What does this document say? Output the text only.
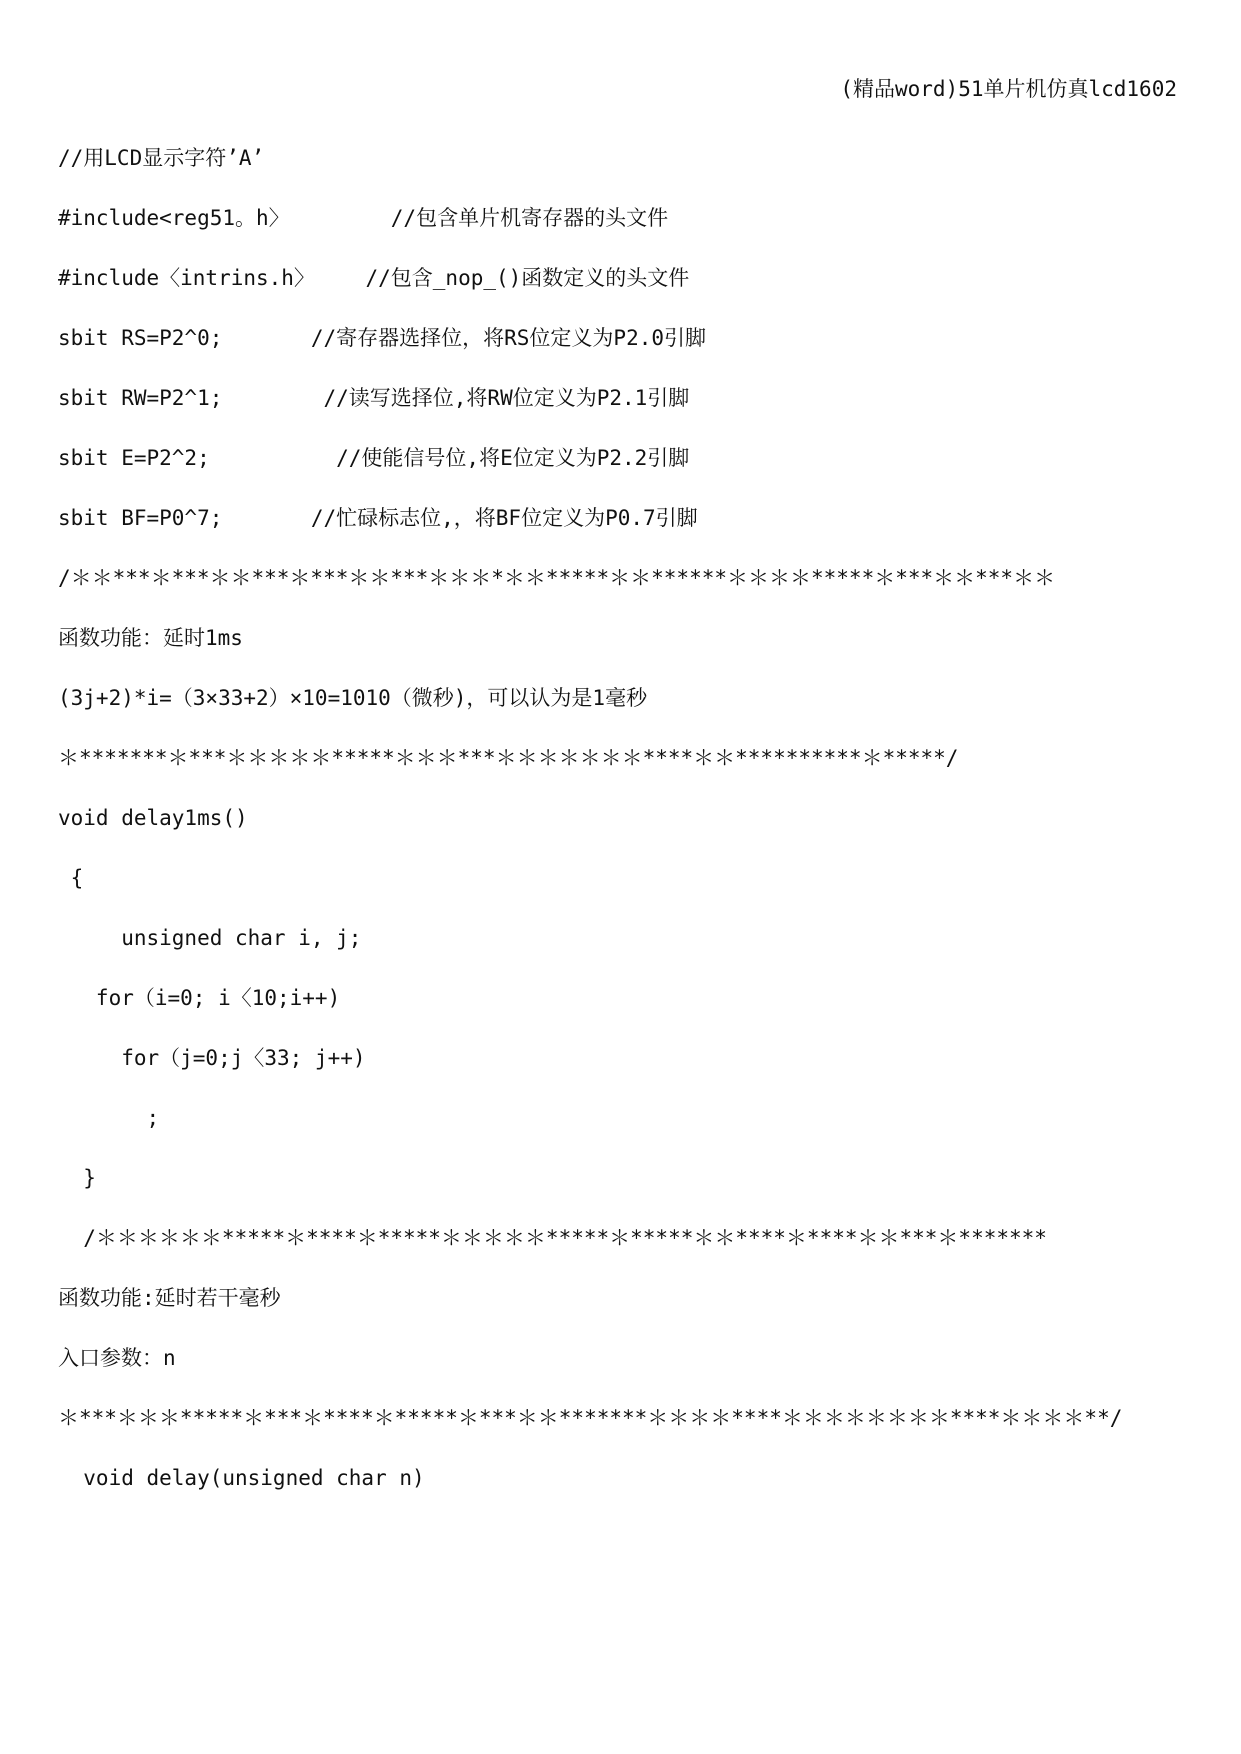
(精品word)51单片机仿真lcd1602
//用LCD显示字符’A’
#include<reg51。h〉        //包含单片机寄存器的头文件
#include〈intrins.h〉    //包含_nop_()函数定义的头文件
sbit RS=P2^0;       //寄存器选择位，将RS位定义为P2.0引脚
sbit RW=P2^1;        //读写选择位,将RW位定义为P2.1引脚
sbit E=P2^2;          //使能信号位,将E位定义为P2.2引脚
sbit BF=P0^7;       //忙碌标志位,，将BF位定义为P0.7引脚
/＊＊***＊***＊＊***＊***＊＊***＊＊＊*＊＊*****＊＊******＊＊＊＊*****＊***＊＊***＊＊
函数功能：延时1ms
(3j+2)*i=（3×33+2）×10=1010（微秒)，可以认为是1毫秒
＊*******＊***＊＊＊＊＊*****＊＊＊***＊＊＊＊＊＊＊****＊＊**********＊*****/
void delay1ms()
{
unsigned char i, j;
for（i=0; i〈10;i++)
for（j=0;j〈33; j++)
;
}
/＊＊＊＊＊＊*****＊****＊*****＊＊＊＊＊*****＊*****＊＊****＊****＊＊***＊*******
函数功能:延时若干毫秒
入口参数：n
＊***＊＊＊*****＊***＊****＊*****＊***＊＊*******＊＊＊＊****＊＊＊＊＊＊＊＊****＊＊＊＊**/
void delay(unsigned char n)
